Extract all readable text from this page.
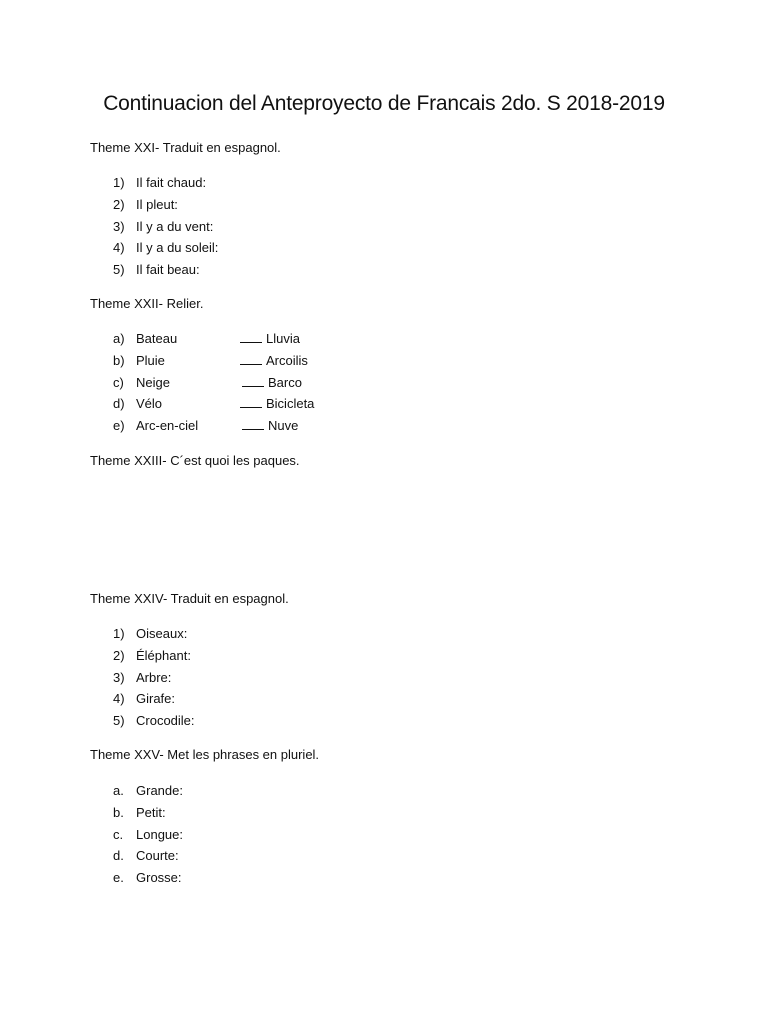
Continuacion del Anteproyecto de Francais 2do. S 2018-2019
Theme XXI- Traduit en espagnol.
1) Il fait chaud:
2) Il pleut:
3) Il y a du vent:
4) Il y a du soleil:
5) Il fait beau:
Theme XXII- Relier.
a) Bateau	Lluvia
b) Pluie	Arcoilis
c) Neige	Barco
d) Vélo	Bicicleta
e) Arc-en-ciel	Nuve
Theme XXIII- C´est quoi les paques.
Theme XXIV- Traduit en espagnol.
1) Oiseaux:
2) Éléphant:
3) Arbre:
4) Girafe:
5) Crocodile:
Theme XXV- Met les phrases en pluriel.
a. Grande:
b. Petit:
c. Longue:
d. Courte:
e. Grosse:
